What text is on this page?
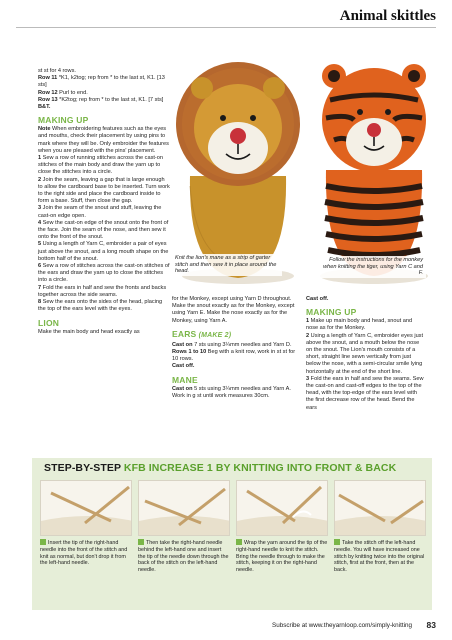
Animal skittles
Knit the lion's mane as a strip of garter stitch and then sew it in place around the head.
Follow the instructions for the monkey when knitting the tiger, using Yarn C and F.

st st for 4 rows.

Row 11 *K1, k2tog; rep from * to the last st, K1. [13 sts]

Row 12 Purl to end.

Row 13 *K2tog; rep from * to the last st, K1. [7 sts]

B&T.

MAKING UP

Note When embroidering features such as the eyes and mouths, check their placement by using pins to mark where they will be. Only embroider the features when you are pleased with the pins' placement.

1 Sew a row of running stitches across the cast-on stitches of the main body and draw the yarn up to close the stitches into a circle.

2 Join the seam, leaving a gap that is large enough to allow the cardboard base to be inserted. Turn work to the right side and place the cardboard inside to form a base. Stuff, then close the gap.

3 Join the seam of the snout and stuff, leaving the cast-on edge open.

4 Sew the cast-on edge of the snout onto the front of the face. Join the seam of the nose, and then sew it onto the front of the snout.

5 Using a length of Yarn C, embroider a pair of eyes just above the snout, and a long mouth shape on the bottom half of the snout.

6 Sew a row of stitches across the cast-on stitches of the ears and draw the yarn up to close the stitches into a circle.

7 Fold the ears in half and sew the fronts and backs together across the side seams.

8 Sew the ears onto the sides of the head, placing the top of the ears level with the eyes.

LION

Make the main body and head exactly as

for the Monkey, except using Yarn D throughout. Make the snout exactly as for the Monkey, except using Yarn E. Make the nose exactly as for the Monkey, using Yarn A.

EARS (MAKE 2)

Cast on 7 sts using 3¼mm needles and Yarn D.

Rows 1 to 10 Beg with a knit row, work in st st for 10 rows.

Cast off.

MANE

Cast on 5 sts using 3¼mm needles and Yarn A.

Work in g st until work measures 30cm.

Cast off.

MAKING UP

1 Make up main body and head, snout and nose as for the Monkey.

2 Using a length of Yarn C, embroider eyes just above the snout, and a mouth below the nose on the snout. The Lion's mouth consists of a short, straight line sewn vertically from just below the nose, with a semi-circular smile lying horizontally at the end of the short line.

3 Fold the ears in half and sew the seams. Sew the cast-on and cast-off edges to the top of the head, with the top-edge of the ears level with the first decrease row of the head. Bend the ears

STEP-BY-STEP KFB INCREASE 1 BY KNITTING INTO FRONT & BACK
Insert the tip of the right-hand needle into the front of the stitch and knit as normal, but don't drop it from the left-hand needle.
Then take the right-hand needle behind the left-hand one and insert the tip of the needle down through the back of the stitch on the left-hand needle.
Wrap the yarn around the tip of the right-hand needle to knit the stitch. Bring the needle through to make the stitch, keeping it on the right-hand needle.
Take the stitch off the left-hand needle. You will have increased one stitch by knitting twice into the original stitch, first at the front, then at the back.
Subscribe at www.theyarnloop.com/simply-knitting 83
